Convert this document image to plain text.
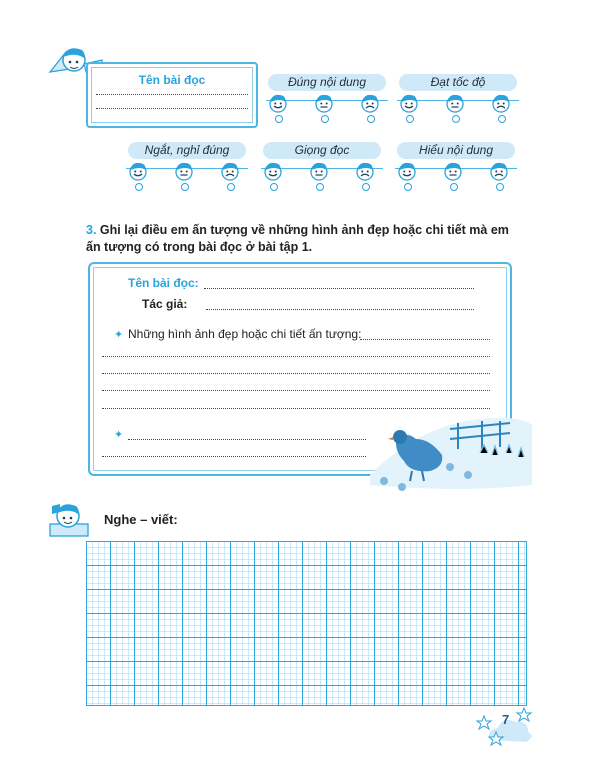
Tên bài đọc	Đúng nội dung	Đạt tốc độ
Ngắt, nghỉ đúng	Giọng đọc	Hiểu nội dung
3. Ghi lại điều em ấn tượng về những hình ảnh đẹp hoặc chi tiết mà em ấn tượng có trong bài đọc ở bài tập 1.
Tên bài đọc:
Tác giả:
✦ Những hình ảnh đẹp hoặc chi tiết ấn tượng:
✦
Nghe – viết:
7
